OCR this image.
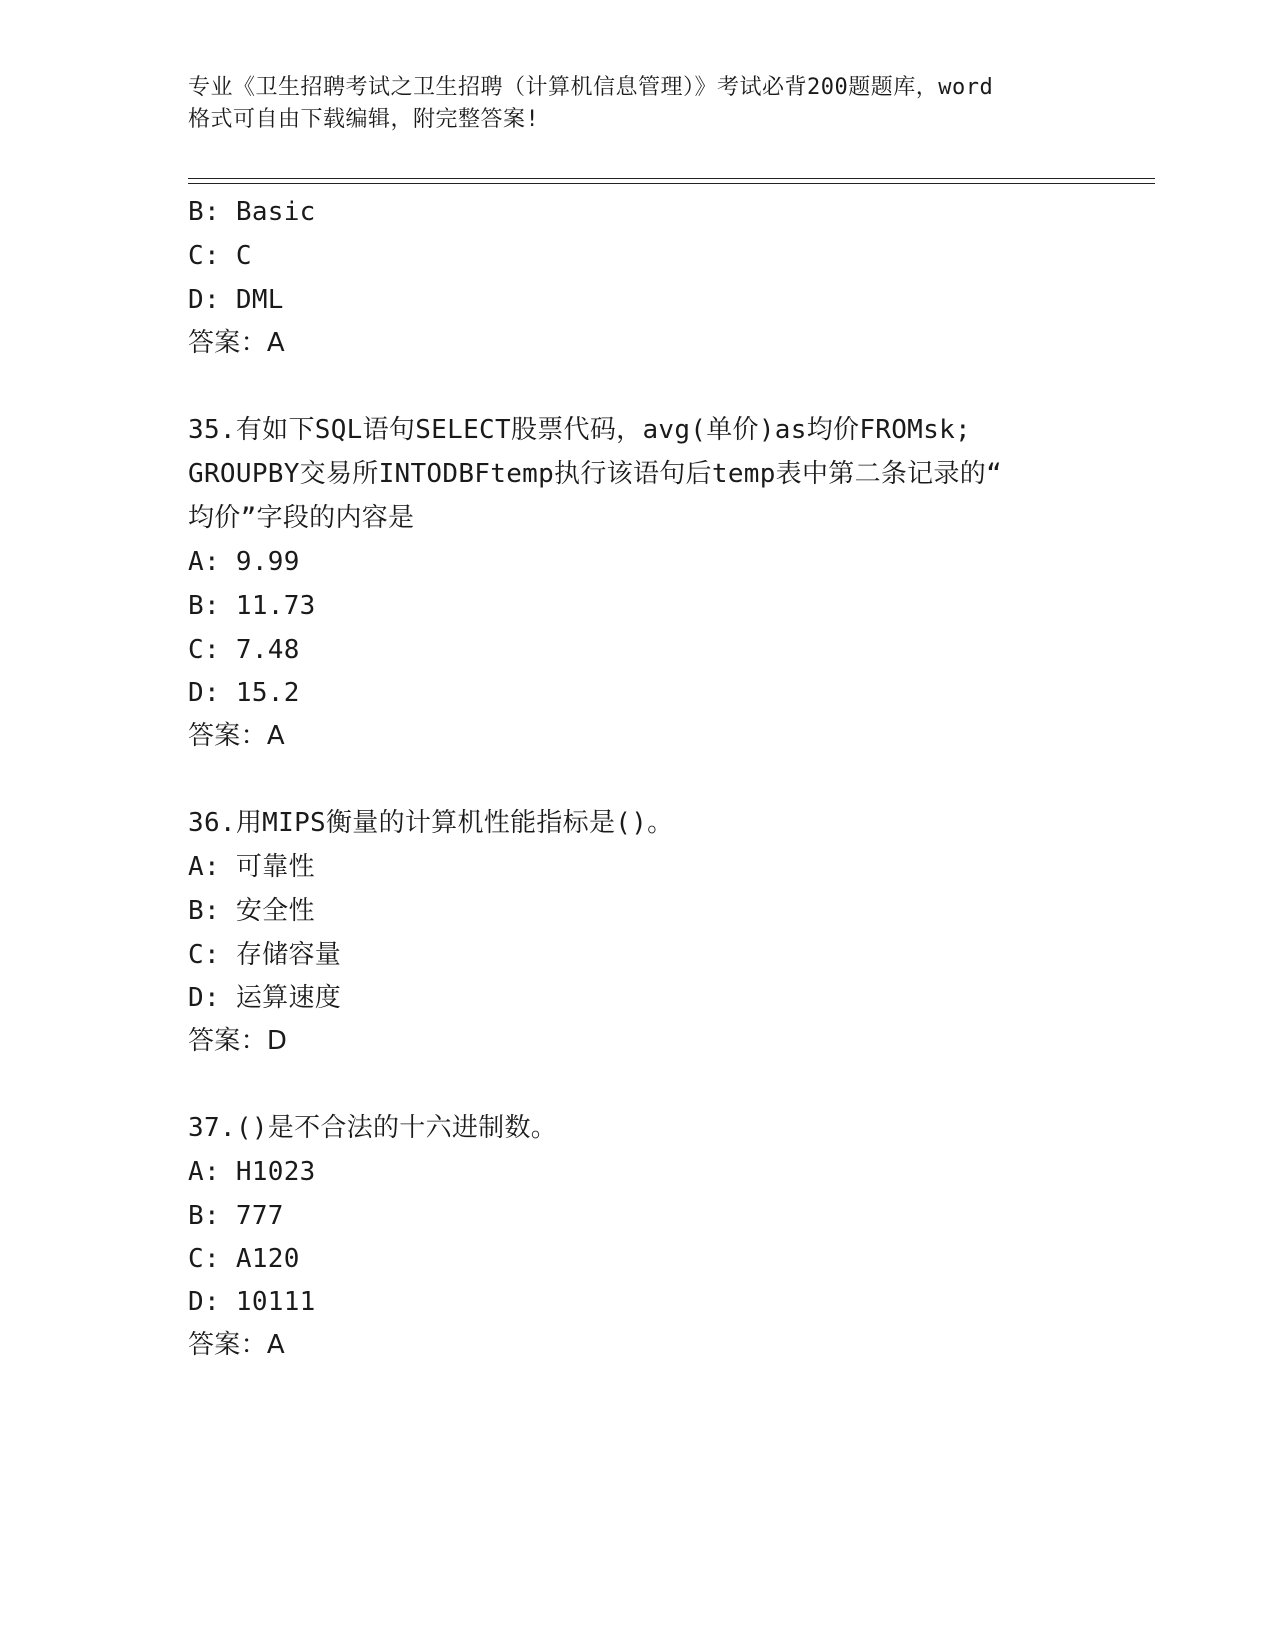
专业《卫生招聘考试之卫生招聘（计算机信息管理）》考试必背200题题库，word
格式可自由下载编辑，附完整答案!
B: Basic
C: C
D: DML
答案：A
35.有如下SQL语句SELECT股票代码，avg(单价)as均价FROMsk;
GROUPBY交易所INTODBFtemp执行该语句后temp表中第二条记录的“
均价”字段的内容是
A: 9.99
B: 11.73
C: 7.48
D: 15.2
答案：A
36.用MIPS衡量的计算机性能指标是()。
A: 可靠性
B: 安全性
C: 存储容量
D: 运算速度
答案：D
37.()是不合法的十六进制数。
A: H1023
B: 777
C: A120
D: 10111
答案：A
